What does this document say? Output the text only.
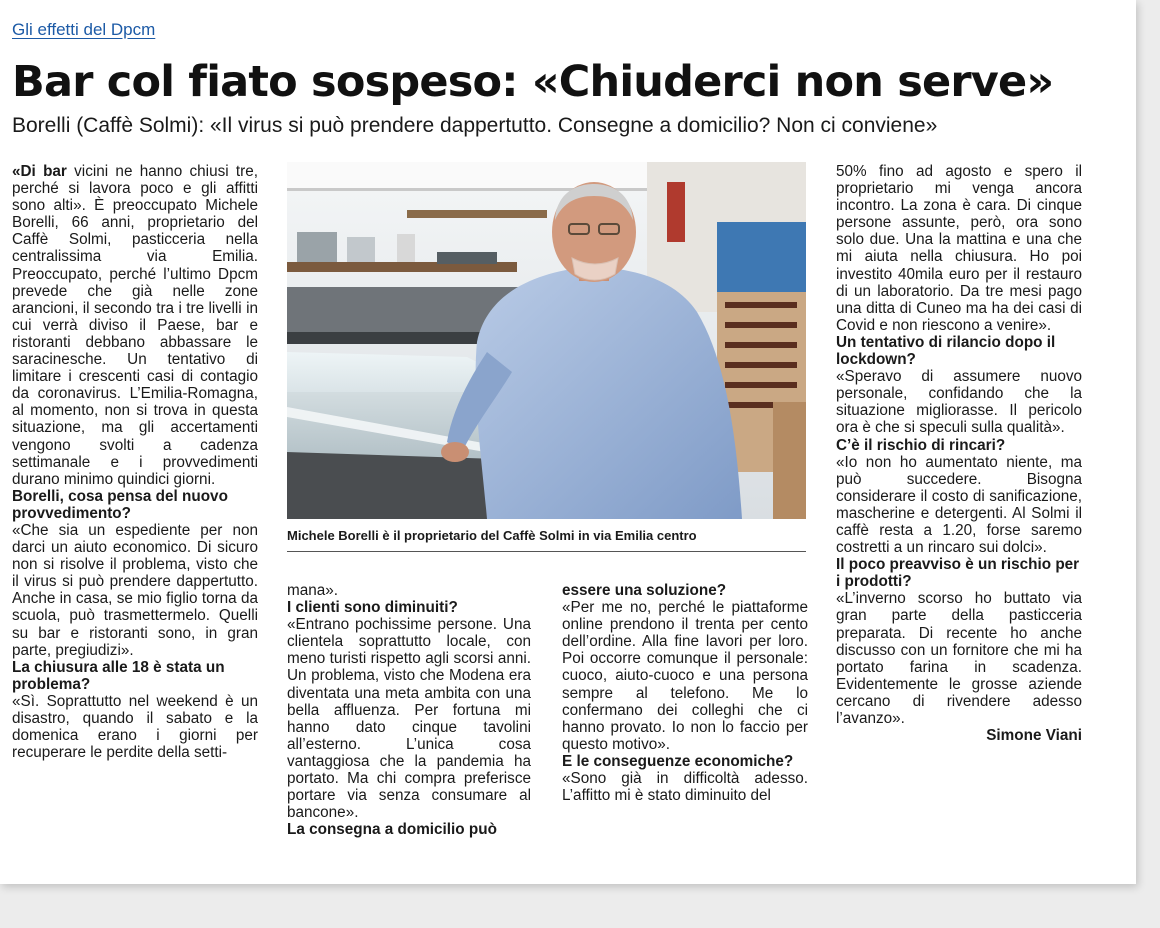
Gli effetti del Dpcm
Bar col fiato sospeso: «Chiuderci non serve»
Borelli (Caffè Solmi): «Il virus si può prendere dappertutto. Consegne a domicilio? Non ci conviene»

«Di bar vicini ne hanno chiusi tre, perché si lavora poco e gli affitti sono alti». È preoccupato Michele Borelli, 66 anni, proprietario del Caffè Solmi, pasticceria nella centralissima via Emilia. Preoccupato, perché l’ultimo Dpcm prevede che già nelle zone arancioni, il secondo tra i tre livelli in cui verrà diviso il Paese, bar e ristoranti debbano abbassare le saracinesche. Un tentativo di limitare i crescenti casi di contagio da coronavirus. L’Emilia-Romagna, al momento, non si trova in questa situazione, ma gli accertamenti vengono svolti a cadenza settimanale e i provvedimenti durano minimo quindici giorni.

Borelli, cosa pensa del nuovo provvedimento?

«Che sia un espediente per non darci un aiuto economico. Di sicuro non si risolve il problema, visto che il virus si può prendere dappertutto. Anche in casa, se mio figlio torna da scuola, può trasmettermelo. Quelli su bar e ristoranti sono, in gran parte, pregiudizi».

La chiusura alle 18 è stata un problema?

«Sì. Soprattutto nel weekend è un disastro, quando il sabato e la domenica erano i giorni per recuperare le perdite della setti-

Michele Borelli è il proprietario del Caffè Solmi in via Emilia centro

mana».

I clienti sono diminuiti?

«Entrano pochissime persone. Una clientela soprattutto locale, con meno turisti rispetto agli scorsi anni. Un problema, visto che Modena era diventata una meta ambita con una bella affluenza. Per fortuna mi hanno dato cinque tavolini all’esterno. L’unica cosa vantaggiosa che la pandemia ha portato. Ma chi compra preferisce portare via senza consumare al bancone».

La consegna a domicilio può

essere una soluzione?

«Per me no, perché le piattaforme online prendono il trenta per cento dell’ordine. Alla fine lavori per loro. Poi occorre comunque il personale: cuoco, aiuto-cuoco e una persona sempre al telefono. Me lo confermano dei colleghi che ci hanno provato. Io non lo faccio per questo motivo».

E le conseguenze economiche?

«Sono già in difficoltà adesso. L’affitto mi è stato diminuito del

50% fino ad agosto e spero il proprietario mi venga ancora incontro. La zona è cara. Di cinque persone assunte, però, ora sono solo due. Una la mattina e una che mi aiuta nella chiusura. Ho poi investito 40mila euro per il restauro di un laboratorio. Da tre mesi pago una ditta di Cuneo ma ha dei casi di Covid e non riescono a venire».

Un tentativo di rilancio dopo il lockdown?

«Speravo di assumere nuovo personale, confidando che la situazione migliorasse. Il pericolo ora è che si speculi sulla qualità».

C’è il rischio di rincari?

«Io non ho aumentato niente, ma può succedere. Bisogna considerare il costo di sanificazione, mascherine e detergenti. Al Solmi il caffè resta a 1.20, forse saremo costretti a un rincaro sui dolci».

Il poco preavviso è un rischio per i prodotti?

«L’inverno scorso ho buttato via gran parte della pasticceria preparata. Di recente ho anche discusso con un fornitore che mi ha portato farina in scadenza. Evidentemente le grosse aziende cercano di rivendere adesso l’avanzo».

Simone Viani
